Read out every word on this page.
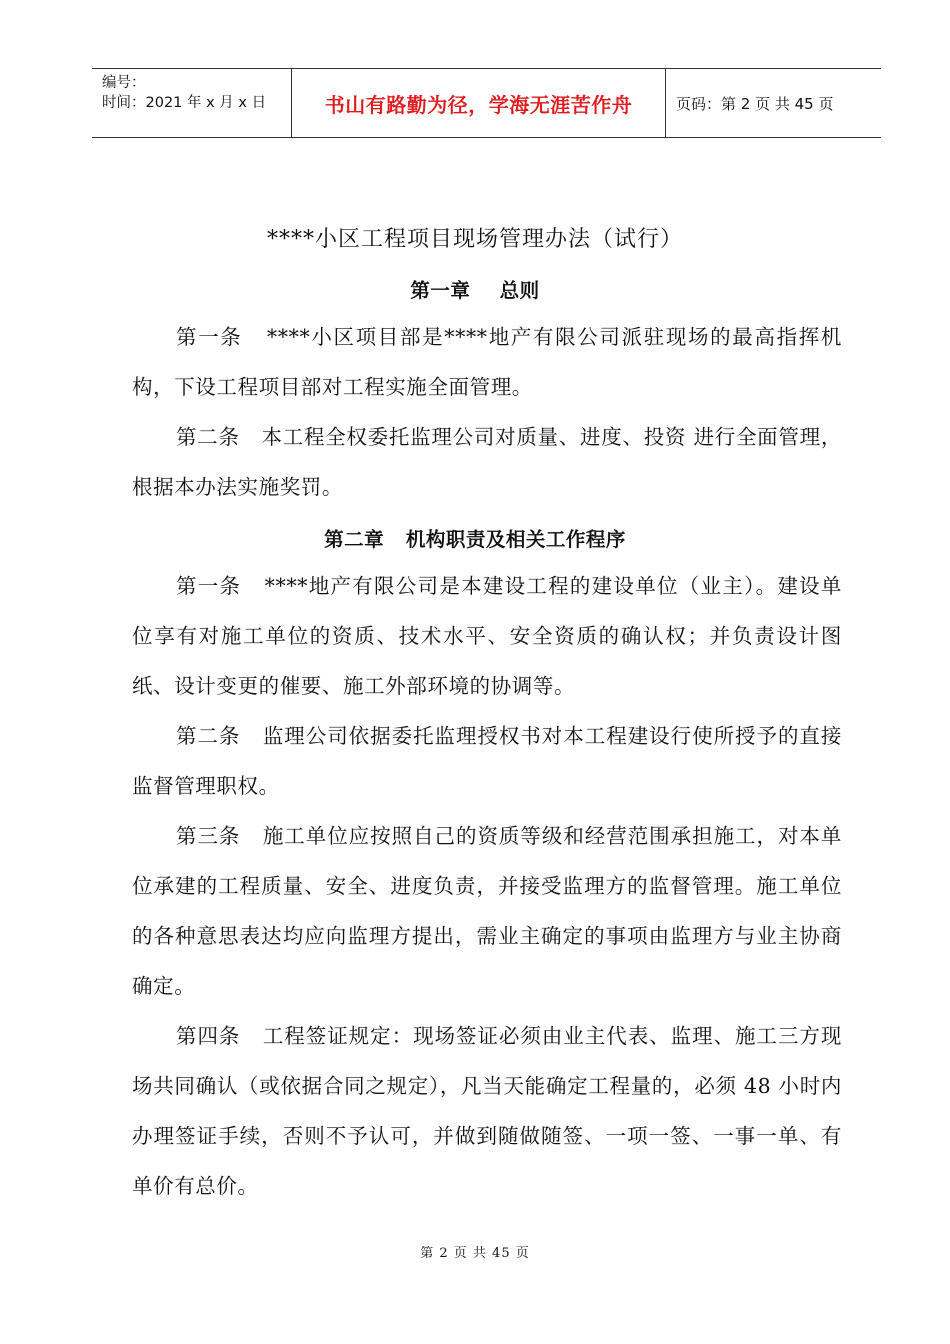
编号：
时间：2021 年 x 月 x 日	书山有路勤为径，学海无涯苦作舟	页码：第 2 页 共 45 页
****小区工程项目现场管理办法（试行）
第一章    总则
第一条   ****小区项目部是****地产有限公司派驻现场的最高指挥机构，下设工程项目部对工程实施全面管理。
第二条   本工程全权委托监理公司对质量、进度、投资 进行全面管理，根据本办法实施奖罚。
第二章   机构职责及相关工作程序
第一条   ****地产有限公司是本建设工程的建设单位（业主）。建设单位享有对施工单位的资质、技术水平、安全资质的确认权；并负责设计图纸、设计变更的催要、施工外部环境的协调等。
第二条   监理公司依据委托监理授权书对本工程建设行使所授予的直接监督管理职权。
第三条   施工单位应按照自己的资质等级和经营范围承担施工，对本单位承建的工程质量、安全、进度负责，并接受监理方的监督管理。施工单位的各种意思表达均应向监理方提出，需业主确定的事项由监理方与业主协商确定。
第四条   工程签证规定：现场签证必须由业主代表、监理、施工三方现场共同确认（或依据合同之规定），凡当天能确定工程量的，必须 48 小时内办理签证手续，否则不予认可，并做到随做随签、一项一签、一事一单、有单价有总价。
第 2 页 共 45 页
